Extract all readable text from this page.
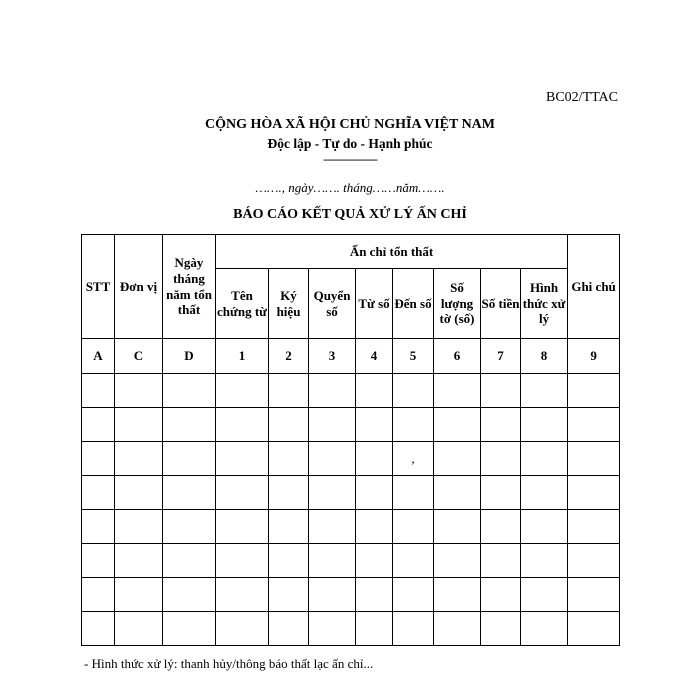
BC02/TTAC
CỘNG HÒA XÃ HỘI CHỦ NGHĨA VIỆT NAM
Độc lập - Tự do - Hạnh phúc
------------------
……., ngày……. tháng……năm…….
BÁO CÁO KẾT QUẢ XỬ LÝ ẤN CHỈ
STT	Đơn vị	Ngày tháng năm tổn thất	Ấn chỉ tổn thất								Ghi chú
			Tên chứng từ	Ký hiệu	Quyển số	Từ số	Đến số	Số lượng tờ (số)	Số tiền	Hình thức xử lý	
A	C	D	1	2	3	4	5	6	7	8	9

							,				

- Hình thức xử lý: thanh hủy/thông báo thất lạc ấn chỉ...
